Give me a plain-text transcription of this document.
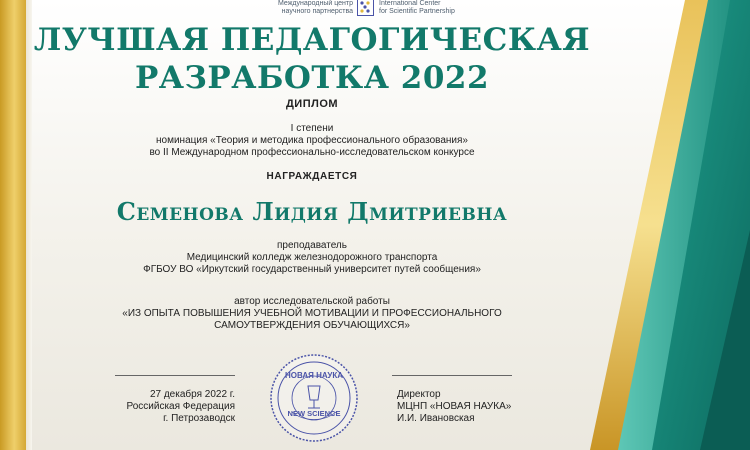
Международный центр
научного партнерства
International Center
for Scientific Partnership
ЛУЧШАЯ ПЕДАГОГИЧЕСКАЯ
РАЗРАБОТКА 2022
ДИПЛОМ
I степени
номинация «Теория и методика профессионального образования»
во II Международном профессионально-исследовательском конкурсе
НАГРАЖДАЕТСЯ
Семенова Лидия Дмитриевна
преподаватель
Медицинский колледж железнодорожного транспорта
ФГБОУ ВО «Иркутский государственный университет путей сообщения»
автор исследовательской работы
«ИЗ ОПЫТА ПОВЫШЕНИЯ УЧЕБНОЙ МОТИВАЦИИ И ПРОФЕССИОНАЛЬНОГО
САМОУТВЕРЖДЕНИЯ ОБУЧАЮЩИХСЯ»
27 декабря 2022 г.
Российская Федерация
г. Петрозаводск
Директор
МЦНП «НОВАЯ НАУКА»
И.И. Ивановская
НОВАЯ НАУКА
NEW SCIENCE
